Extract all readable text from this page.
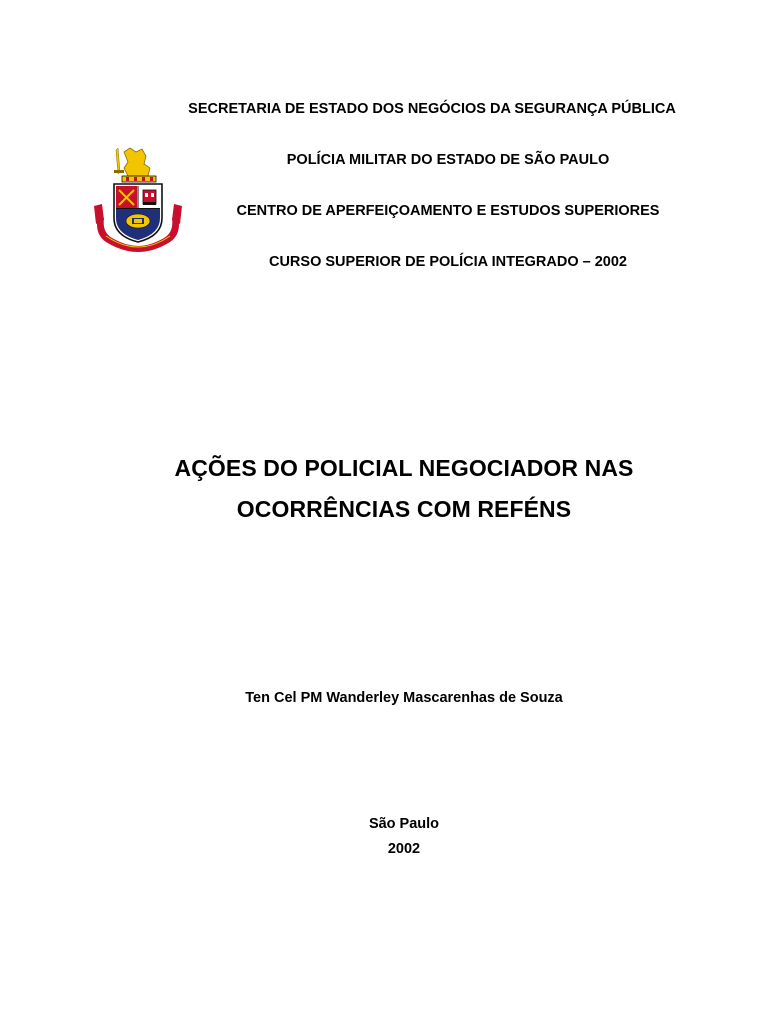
SECRETARIA DE ESTADO DOS NEGÓCIOS DA SEGURANÇA PÚBLICA
POLÍCIA MILITAR DO ESTADO DE SÃO PAULO
CENTRO DE APERFEIÇOAMENTO E ESTUDOS SUPERIORES
CURSO SUPERIOR DE POLÍCIA INTEGRADO – 2002
AÇÕES DO POLICIAL NEGOCIADOR NAS
OCORRÊNCIAS COM REFÉNS
Ten Cel PM Wanderley Mascarenhas de Souza
São Paulo
2002
